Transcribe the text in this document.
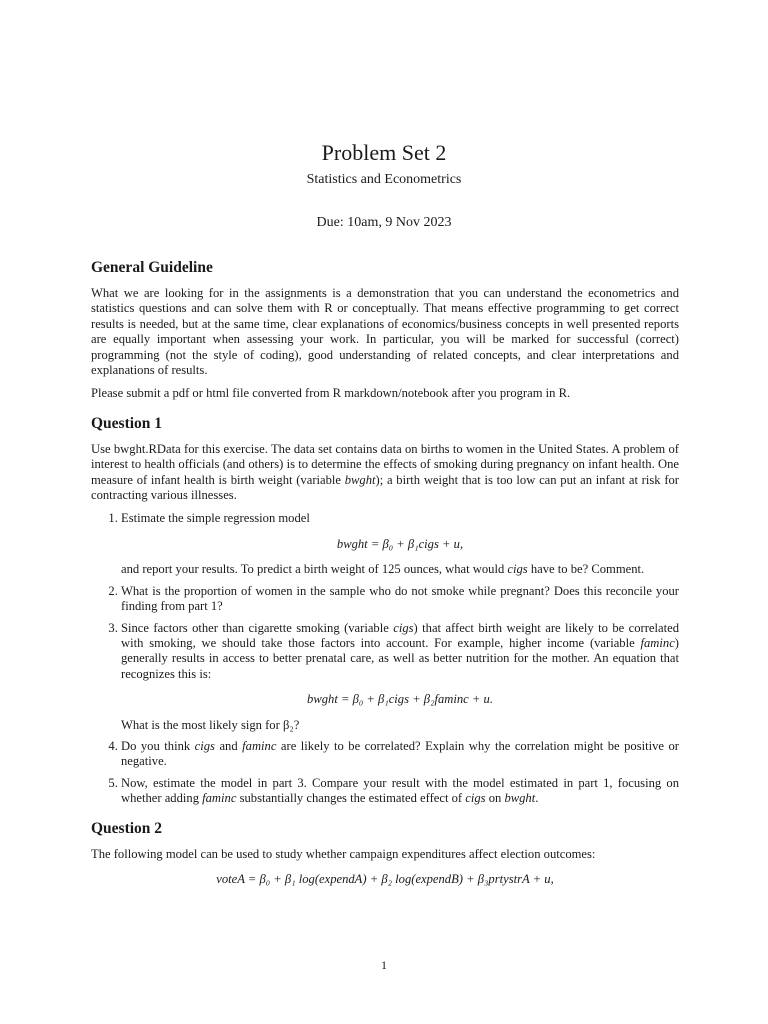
Problem Set 2
Statistics and Econometrics
Due: 10am, 9 Nov 2023
General Guideline

What we are looking for in the assignments is a demonstration that you can understand the econometrics and statistics questions and can solve them with R or conceptually. That means effective programming to get correct results is needed, but at the same time, clear explanations of economics/business concepts in well presented reports are equally important when assessing your work. In particular, you will be marked for successful (correct) programming (not the style of coding), good understanding of related concepts, and clear interpretations and explanations of results.

Please submit a pdf or html file converted from R markdown/notebook after you program in R.

Question 1

Use bwght.RData for this exercise. The data set contains data on births to women in the United States. A problem of interest to health officials (and others) is to determine the effects of smoking during pregnancy on infant health. One measure of infant health is birth weight (variable bwght); a birth weight that is too low can put an infant at risk for contracting various illnesses.

1. Estimate the simple regression model

bwght = β₀ + β₁cigs + u,

and report your results. To predict a birth weight of 125 ounces, what would cigs have to be? Comment.

2. What is the proportion of women in the sample who do not smoke while pregnant? Does this reconcile your finding from part 1?

3. Since factors other than cigarette smoking (variable cigs) that affect birth weight are likely to be correlated with smoking, we should take those factors into account. For example, higher income (variable faminc) generally results in access to better prenatal care, as well as better nutrition for the mother. An equation that recognizes this is:

bwght = β₀ + β₁cigs + β₂faminc + u.

What is the most likely sign for β₂?

4. Do you think cigs and faminc are likely to be correlated? Explain why the correlation might be positive or negative.

5. Now, estimate the model in part 3. Compare your result with the model estimated in part 1, focusing on whether adding faminc substantially changes the estimated effect of cigs on bwght.

Question 2

The following model can be used to study whether campaign expenditures affect election outcomes:

voteA = β₀ + β₁ log(expendA) + β₂ log(expendB) + β₃prtystrA + u,
1
